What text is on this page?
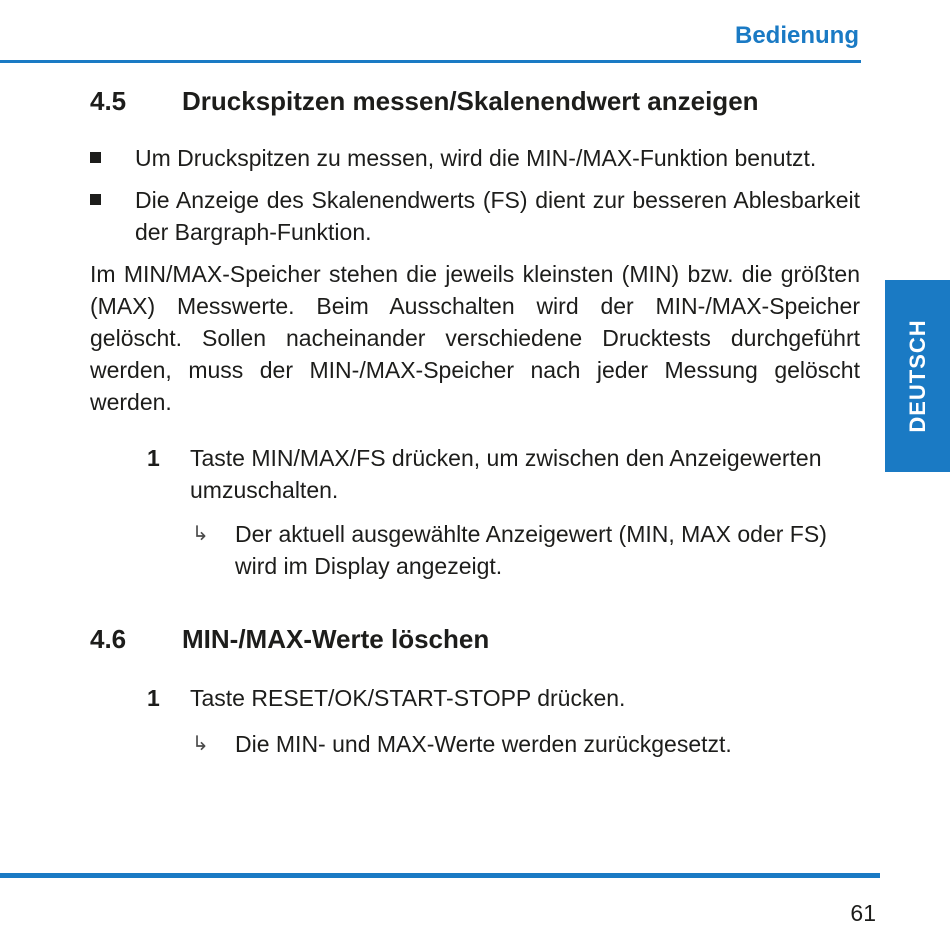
Bedienung
DEUTSCH
4.5	Druckspitzen messen/Skalenendwert anzeigen
Um Druckspitzen zu messen, wird die MIN-/MAX-Funktion benutzt.
Die Anzeige des Skalenendwerts (FS) dient zur besseren Ablesbarkeit der Bargraph-Funktion.

Im MIN/MAX-Speicher stehen die jeweils kleinsten (MIN) bzw. die größten (MAX) Messwerte. Beim Ausschalten wird der MIN-/MAX-Speicher gelöscht. Sollen nacheinander verschiedene Drucktests durchgeführt werden, muss der MIN-/MAX-Speicher nach jeder Messung gelöscht werden.

1 Taste MIN/MAX/FS drücken, um zwischen den Anzeigewerten umzuschalten.
↳ Der aktuell ausgewählte Anzeigewert (MIN, MAX oder FS) wird im Display angezeigt.
4.6	MIN-/MAX-Werte löschen
1 Taste RESET/OK/START-STOPP drücken.
↳ Die MIN- und MAX-Werte werden zurückgesetzt.
61
